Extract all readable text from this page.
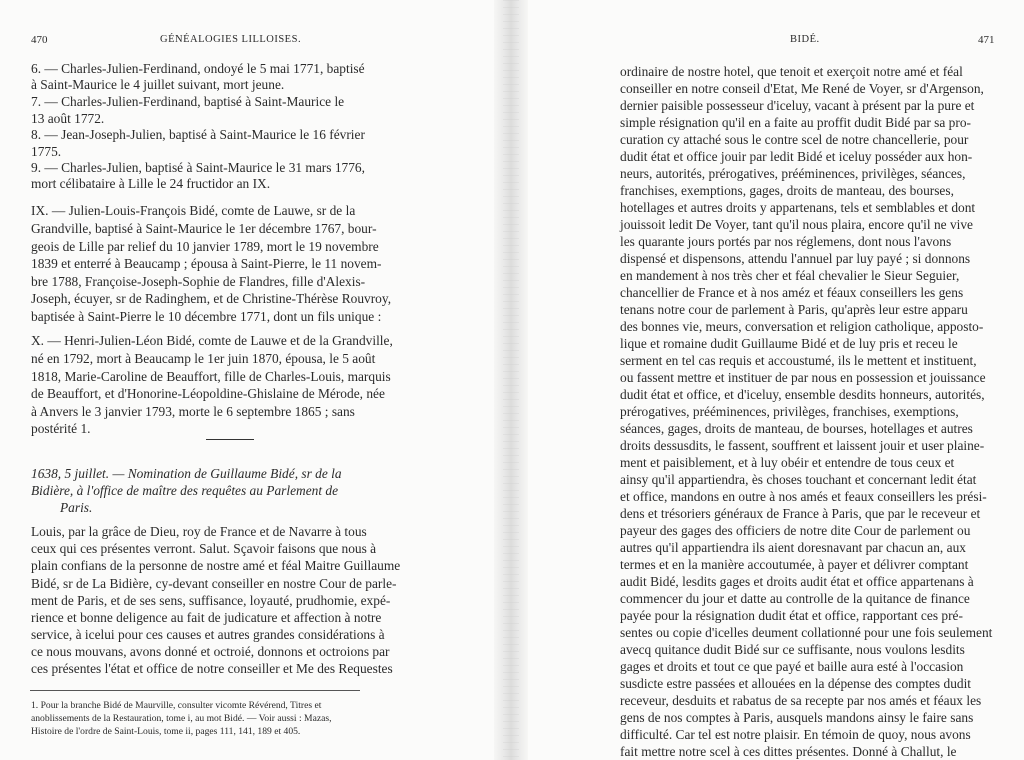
470	GÉNÉALOGIES LILLOISES.
6. — Charles-Julien-Ferdinand, ondoyé le 5 mai 1771, baptisé
à Saint-Maurice le 4 juillet suivant, mort jeune.
7. — Charles-Julien-Ferdinand, baptisé à Saint-Maurice le
13 août 1772.
8. — Jean-Joseph-Julien, baptisé à Saint-Maurice le 16 février
1775.
9. — Charles-Julien, baptisé à Saint-Maurice le 31 mars 1776,
mort célibataire à Lille le 24 fructidor an IX.
IX. — Julien-Louis-François Bidé, comte de Lauwe, sr de la
Grandville, baptisé à Saint-Maurice le 1er décembre 1767, bour-
geois de Lille par relief du 10 janvier 1789, mort le 19 novembre
1839 et enterré à Beaucamp ; épousa à Saint-Pierre, le 11 novem-
bre 1788, Françoise-Joseph-Sophie de Flandres, fille d'Alexis-
Joseph, écuyer, sr de Radinghem, et de Christine-Thérèse Rouvroy,
baptisée à Saint-Pierre le 10 décembre 1771, dont un fils unique :
X. — Henri-Julien-Léon Bidé, comte de Lauwe et de la Grandville,
né en 1792, mort à Beaucamp le 1er juin 1870, épousa, le 5 août
1818, Marie-Caroline de Beauffort, fille de Charles-Louis, marquis
de Beauffort, et d'Honorine-Léopoldine-Ghislaine de Mérode, née
à Anvers le 3 janvier 1793, morte le 6 septembre 1865 ; sans
postérité 1.
1638, 5 juillet. — Nomination de Guillaume Bidé, sr de la
Bidière, à l'office de maître des requêtes au Parlement de
Paris.
Louis, par la grâce de Dieu, roy de France et de Navarre à tous
ceux qui ces présentes verront. Salut. Sçavoir faisons que nous à
plain confians de la personne de nostre amé et féal Maitre Guillaume
Bidé, sr de La Bidière, cy-devant conseiller en nostre Cour de parle-
ment de Paris, et de ses sens, suffisance, loyauté, prudhomie, expé-
rience et bonne deligence au fait de judicature et affection à notre
service, à icelui pour ces causes et autres grandes considérations à
ce nous mouvans, avons donné et octroié, donnons et octroions par
ces présentes l'état et office de notre conseiller et Me des Requestes
1. Pour la branche Bidé de Maurville, consulter vicomte Révérend, Titres et
anoblissements de la Restauration, tome i, au mot Bidé. — Voir aussi : Mazas,
Histoire de l'ordre de Saint-Louis, tome ii, pages 111, 141, 189 et 405.
BIDÉ.	471
ordinaire de nostre hotel, que tenoit et exerçoit notre amé et féal
conseiller en notre conseil d'Etat, Me René de Voyer, sr d'Argenson,
dernier paisible possesseur d'iceluy, vacant à présent par la pure et
simple résignation qu'il en a faite au proffit dudit Bidé par sa pro-
curation cy attaché sous le contre scel de notre chancellerie, pour
dudit état et office jouir par ledit Bidé et iceluy posséder aux hon-
neurs, autorités, prérogatives, prééminences, privilèges, séances,
franchises, exemptions, gages, droits de manteau, des bourses,
hotellages et autres droits y appartenans, tels et semblables et dont
jouissoit ledit De Voyer, tant qu'il nous plaira, encore qu'il ne vive
les quarante jours portés par nos réglemens, dont nous l'avons
dispensé et dispensons, attendu l'annuel par luy payé ; si donnons
en mandement à nos très cher et féal chevalier le Sieur Seguier,
chancellier de France et à nos améz et féaux conseillers les gens
tenans notre cour de parlement à Paris, qu'après leur estre apparu
des bonnes vie, meurs, conversation et religion catholique, apposto-
lique et romaine dudit Guillaume Bidé et de luy pris et receu le
serment en tel cas requis et accoustumé, ils le mettent et instituent,
ou fassent mettre et instituer de par nous en possession et jouissance
dudit état et office, et d'iceluy, ensemble desdits honneurs, autorités,
prérogatives, prééminences, privilèges, franchises, exemptions,
séances, gages, droits de manteau, de bourses, hotellages et autres
droits dessusdits, le fassent, souffrent et laissent jouir et user plaine-
ment et paisiblement, et à luy obéir et entendre de tous ceux et
ainsy qu'il appartiendra, ès choses touchant et concernant ledit état
et office, mandons en outre à nos amés et feaux conseillers les prési-
dens et trésoriers généraux de France à Paris, que par le receveur et
payeur des gages des officiers de notre dite Cour de parlement ou
autres qu'il appartiendra ils aient doresnavant par chacun an, aux
termes et en la manière accoutumée, à payer et délivrer comptant
audit Bidé, lesdits gages et droits audit état et office appartenans à
commencer du jour et datte au controlle de la quitance de finance
payée pour la résignation dudit état et office, rapportant ces pré-
sentes ou copie d'icelles deument collationné pour une fois seulement
avecq quitance dudit Bidé sur ce suffisante, nous voulons lesdits
gages et droits et tout ce que payé et baille aura esté à l'occasion
susdicte estre passées et allouées en la dépense des comptes dudit
receveur, desduits et rabatus de sa recepte par nos amés et féaux les
gens de nos comptes à Paris, ausquels mandons ainsy le faire sans
difficulté. Car tel est notre plaisir. En témoin de quoy, nous avons
fait mettre notre scel à ces dittes présentes. Donné à Challut, le
